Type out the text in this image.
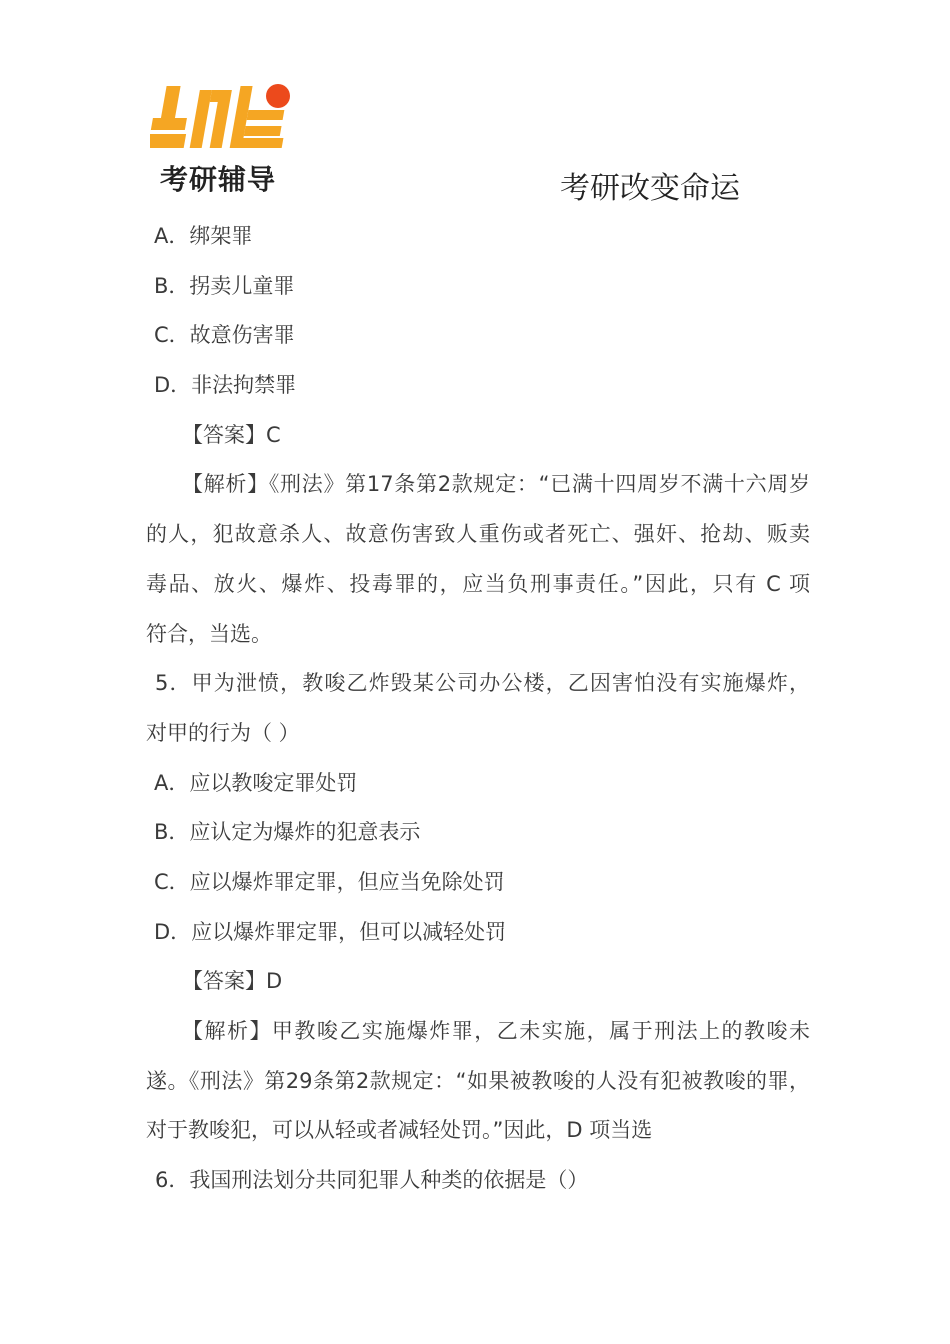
考研辅导	考研改变命运
A．绑架罪
B．拐卖儿童罪
C．故意伤害罪
D．非法拘禁罪
【答案】C
【解析】《刑法》第17条第2款规定：“已满十四周岁不满十六周岁
的人，犯故意杀人、故意伤害致人重伤或者死亡、强奸、抢劫、贩卖
毒品、放火、爆炸、投毒罪的，应当负刑事责任。”因此，只有 C 项
符合，当选。
5．甲为泄愤，教唆乙炸毁某公司办公楼，乙因害怕没有实施爆炸，
对甲的行为（ ）
A．应以教唆定罪处罚
B．应认定为爆炸的犯意表示
C．应以爆炸罪定罪，但应当免除处罚
D．应以爆炸罪定罪，但可以减轻处罚
【答案】D
【解析】甲教唆乙实施爆炸罪，乙未实施，属于刑法上的教唆未
遂。《刑法》第29条第2款规定：“如果被教唆的人没有犯被教唆的罪，
对于教唆犯，可以从轻或者减轻处罚。”因此，D 项当选
6．我国刑法划分共同犯罪人种类的依据是（）
